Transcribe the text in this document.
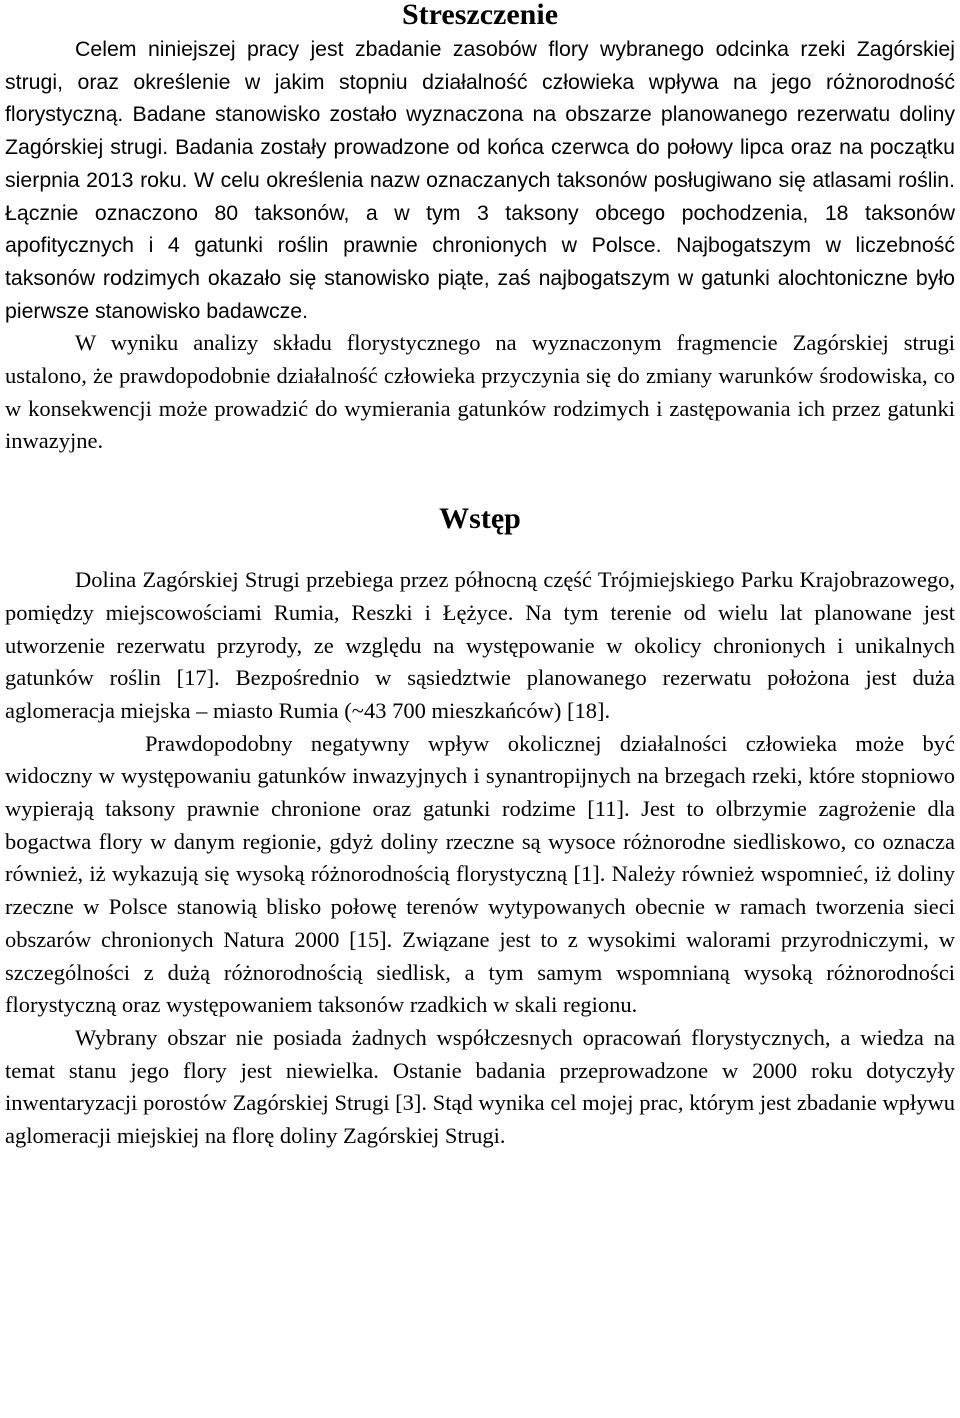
Streszczenie

Celem niniejszej pracy jest zbadanie zasobów flory wybranego odcinka rzeki Zagórskiej strugi, oraz określenie w jakim stopniu działalność człowieka wpływa na jego różnorodność florystyczną. Badane stanowisko zostało wyznaczona na obszarze planowanego rezerwatu doliny Zagórskiej strugi. Badania zostały prowadzone od końca czerwca do połowy lipca oraz na początku sierpnia 2013 roku. W celu określenia nazw oznaczanych taksonów posługiwano się atlasami roślin. Łącznie oznaczono 80 taksonów, a w tym 3 taksony obcego pochodzenia, 18 taksonów apofitycznych i 4 gatunki roślin prawnie chronionych w Polsce. Najbogatszym w liczebność taksonów rodzimych okazało się stanowisko piąte, zaś najbogatszym w gatunki alochtoniczne było pierwsze stanowisko badawcze.

W wyniku analizy składu florystycznego na wyznaczonym fragmencie Zagórskiej strugi ustalono, że prawdopodobnie działalność człowieka przyczynia się do zmiany warunków środowiska, co w konsekwencji może prowadzić do wymierania gatunków rodzimych i zastępowania ich przez gatunki inwazyjne.

Wstęp

Dolina Zagórskiej Strugi przebiega przez północną część Trójmiejskiego Parku Krajobrazowego, pomiędzy miejscowościami Rumia, Reszki i Łężyce. Na tym terenie od wielu lat planowane jest utworzenie rezerwatu przyrody, ze względu na występowanie w okolicy chronionych i unikalnych gatunków roślin [17]. Bezpośrednio w sąsiedztwie planowanego rezerwatu położona jest duża aglomeracja miejska – miasto Rumia (~43 700 mieszkańców) [18].

Prawdopodobny negatywny wpływ okolicznej działalności człowieka może być widoczny w występowaniu gatunków inwazyjnych i synantropijnych na brzegach rzeki, które stopniowo wypierają taksony prawnie chronione oraz gatunki rodzime [11]. Jest to olbrzymie zagrożenie dla bogactwa flory w danym regionie, gdyż doliny rzeczne są wysoce różnorodne siedliskowo, co oznacza również, iż wykazują się wysoką różnorodnością florystyczną [1]. Należy również wspomnieć, iż doliny rzeczne w Polsce stanowią blisko połowę terenów wytypowanych obecnie w ramach tworzenia sieci obszarów chronionych Natura 2000 [15]. Związane jest to z wysokimi walorami przyrodniczymi, w szczególności z dużą różnorodnością siedlisk, a tym samym wspomnianą wysoką różnorodności florystyczną oraz występowaniem taksonów rzadkich w skali regionu.

Wybrany obszar nie posiada żadnych współczesnych opracowań florystycznych, a wiedza na temat stanu jego flory jest niewielka. Ostanie badania przeprowadzone w 2000 roku dotyczyły inwentaryzacji porostów Zagórskiej Strugi [3]. Stąd wynika cel mojej prac, którym jest zbadanie wpływu aglomeracji miejskiej na florę doliny Zagórskiej Strugi.
